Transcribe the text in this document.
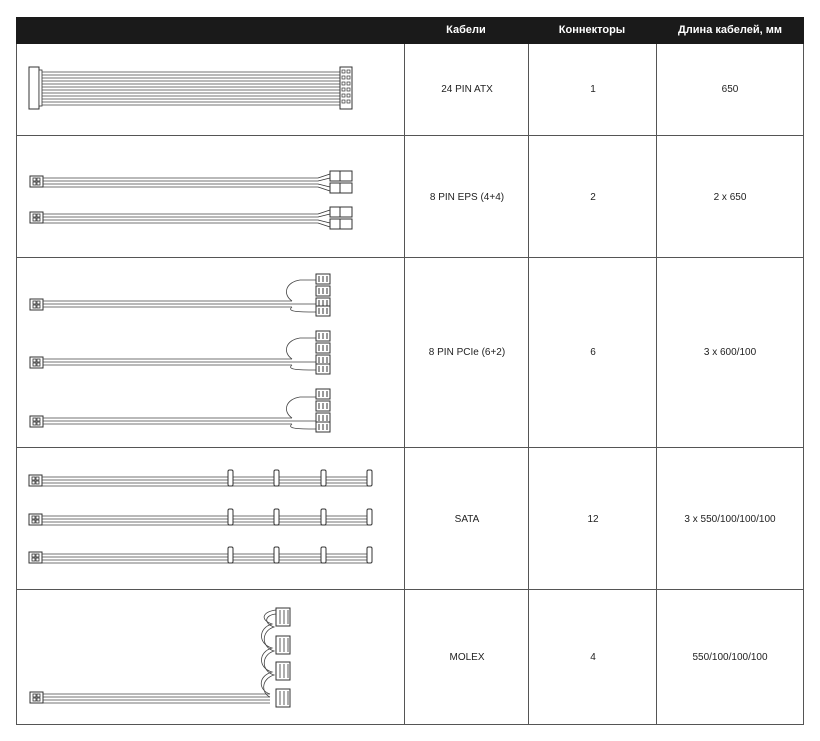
Кабели	Коннекторы	Длина кабелей, мм
24 PIN ATX	1	650
8 PIN EPS (4+4)	2	2 x 650
8 PIN PCIe (6+2)	6	3 x 600/100
SATA	12	3 x 550/100/100/100
MOLEX	4	550/100/100/100
